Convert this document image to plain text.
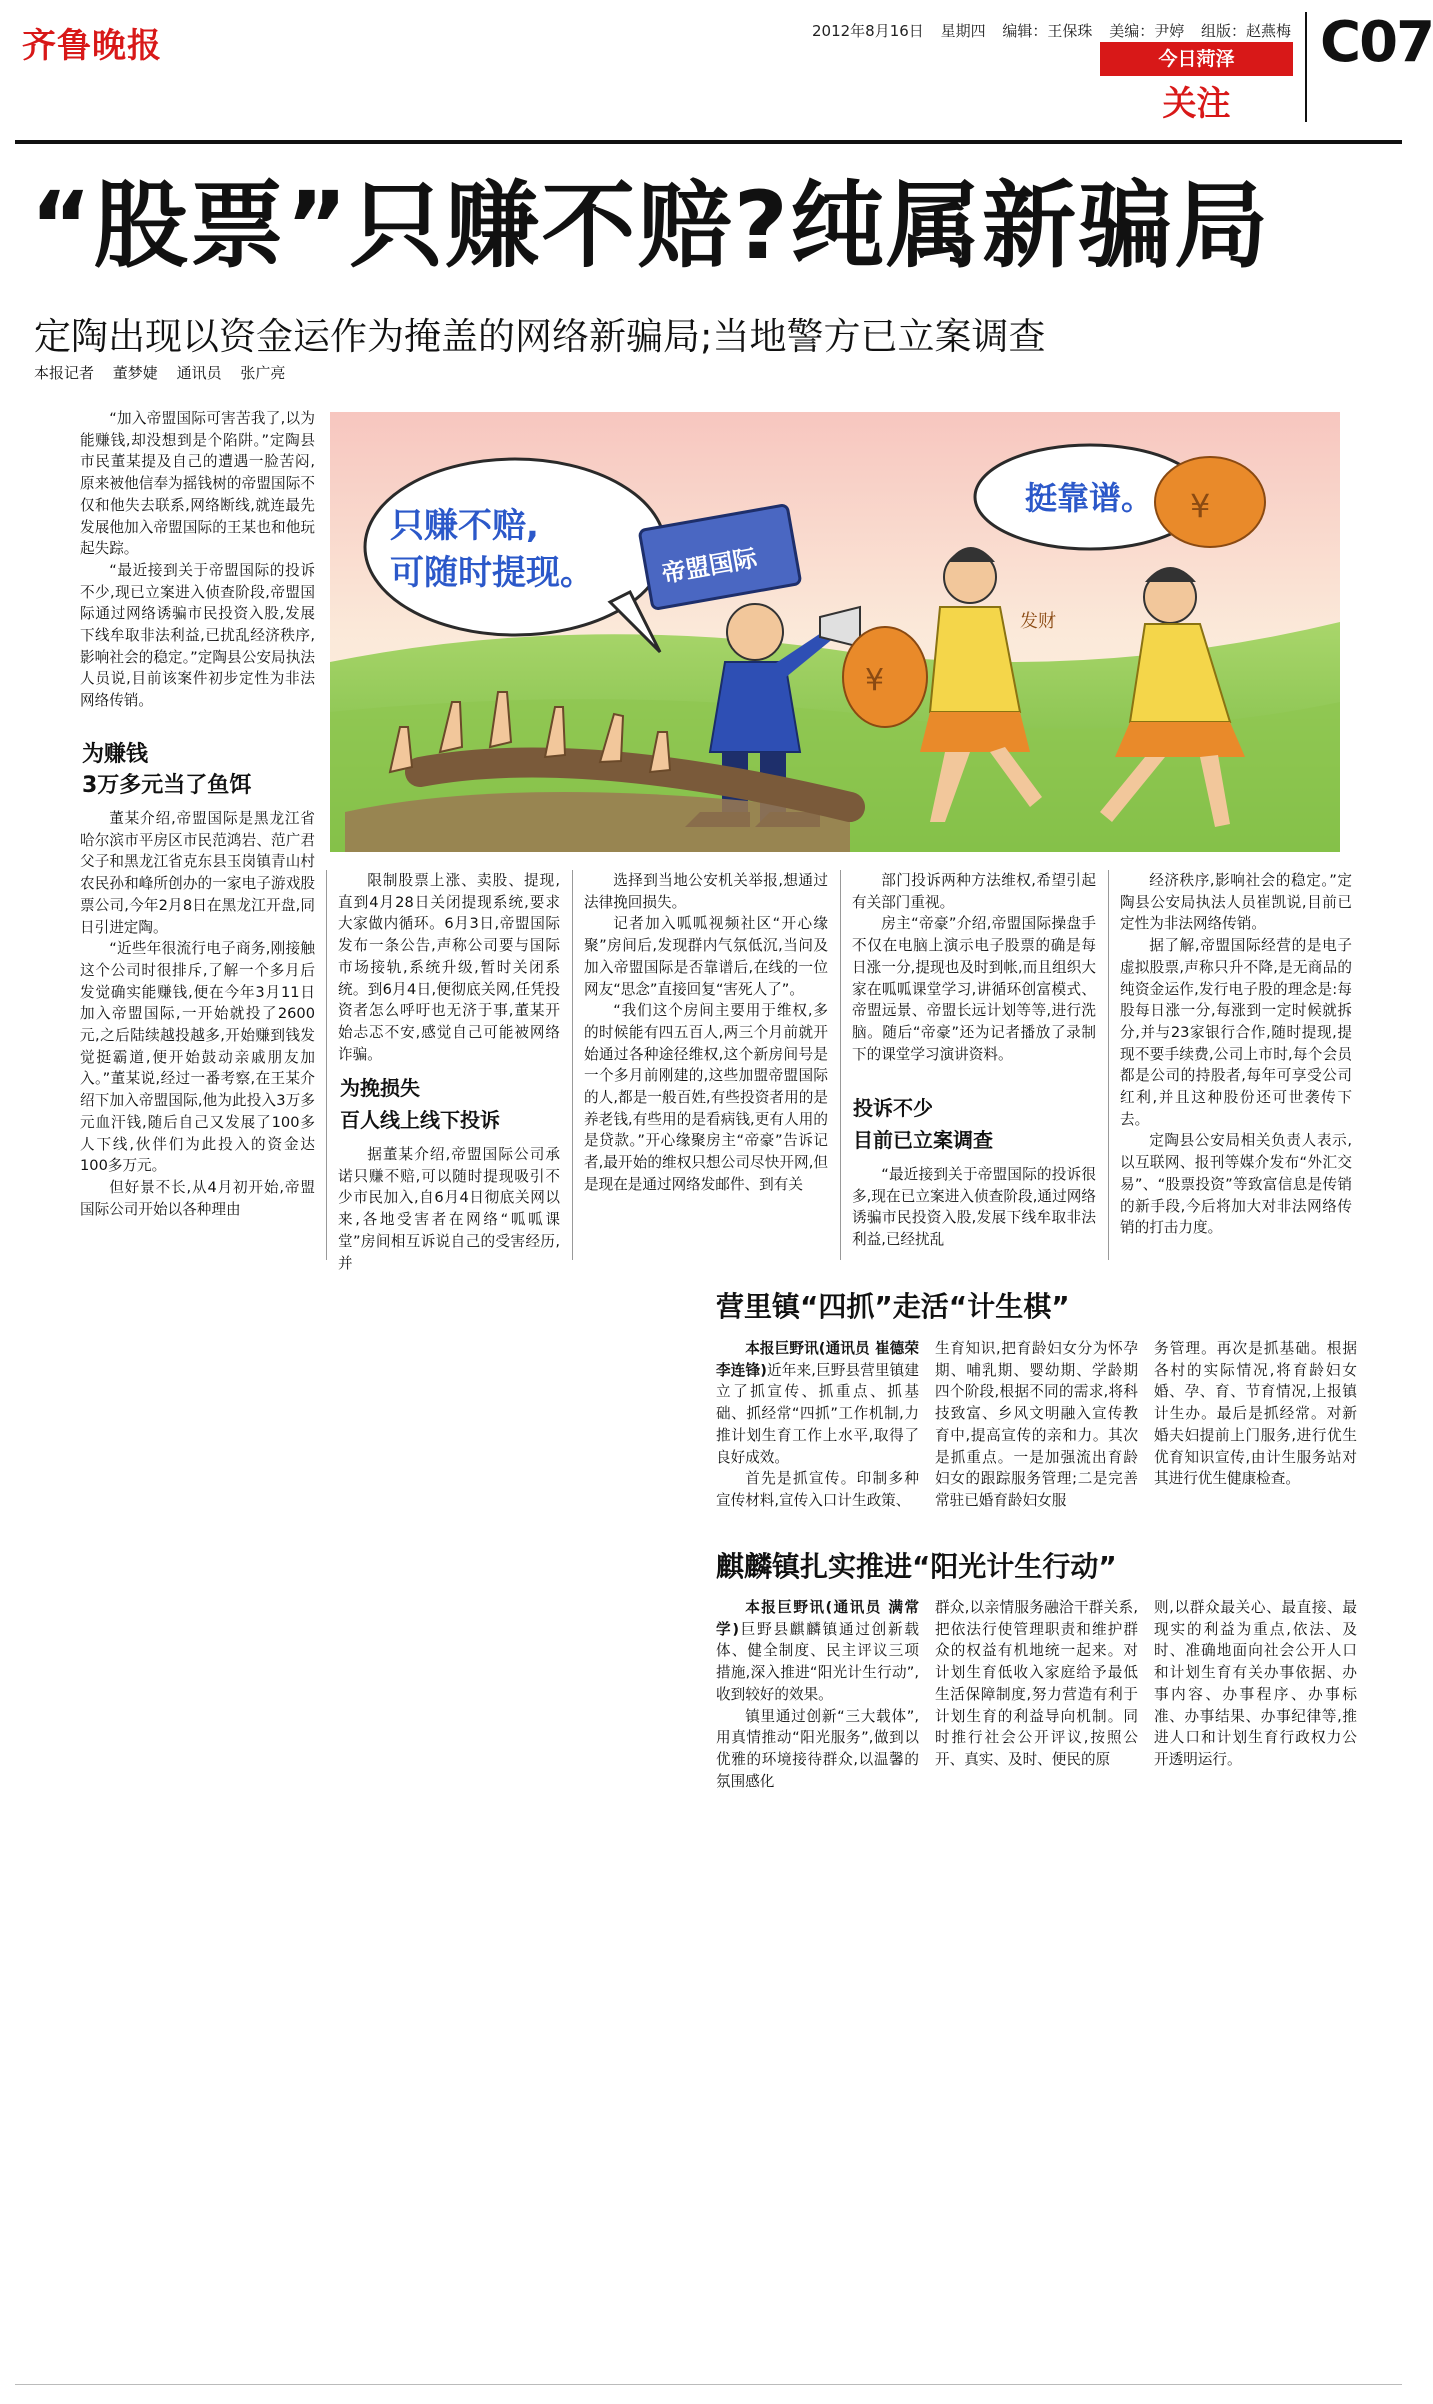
齐鲁晚报	2012年8月16日 星期四 编辑：王保珠 美编：尹婷 组版：赵燕梅
今日菏泽
关注
C07
“股票”只赚不赔?纯属新骗局
定陶出现以资金运作为掩盖的网络新骗局;当地警方已立案调查
本报记者 董梦婕 通讯员 张广亮

“加入帝盟国际可害苦我了,以为能赚钱,却没想到是个陷阱。”定陶县市民董某提及自己的遭遇一脸苦闷,原来被他信奉为摇钱树的帝盟国际不仅和他失去联系,网络断线,就连最先发展他加入帝盟国际的王某也和他玩起失踪。

“最近接到关于帝盟国际的投诉不少,现已立案进入侦查阶段,帝盟国际通过网络诱骗市民投资入股,发展下线牟取非法利益,已扰乱经济秩序,影响社会的稳定。”定陶县公安局执法人员说,目前该案件初步定性为非法网络传销。

只赚不赔,
可随时提现。
挺靠谱。
帝盟国际
¥
¥
发财
为赚钱
3万多元当了鱼饵

董某介绍,帝盟国际是黑龙江省哈尔滨市平房区市民范鸿岩、范广君父子和黑龙江省克东县玉岗镇青山村农民孙和峰所创办的一家电子游戏股票公司,今年2月8日在黑龙江开盘,同日引进定陶。

“近些年很流行电子商务,刚接触这个公司时很排斥,了解一个多月后发觉确实能赚钱,便在今年3月11日加入帝盟国际,一开始就投了2600元,之后陆续越投越多,开始赚到钱发觉挺霸道,便开始鼓动亲戚朋友加入。”董某说,经过一番考察,在王某介绍下加入帝盟国际,他为此投入3万多元血汗钱,随后自己又发展了100多人下线,伙伴们为此投入的资金达100多万元。

但好景不长,从4月初开始,帝盟国际公司开始以各种理由

限制股票上涨、卖股、提现,直到4月28日关闭提现系统,要求大家做内循环。6月3日,帝盟国际发布一条公告,声称公司要与国际市场接轨,系统升级,暂时关闭系统。到6月4日,便彻底关网,任凭投资者怎么呼吁也无济于事,董某开始忐忑不安,感觉自己可能被网络诈骗。

为挽损失
百人线上线下投诉

据董某介绍,帝盟国际公司承诺只赚不赔,可以随时提现吸引不少市民加入,自6月4日彻底关网以来,各地受害者在网络“呱呱课堂”房间相互诉说自己的受害经历,并

选择到当地公安机关举报,想通过法律挽回损失。

记者加入呱呱视频社区“开心缘聚”房间后,发现群内气氛低沉,当问及加入帝盟国际是否靠谱后,在线的一位网友“思念”直接回复“害死人了”。

“我们这个房间主要用于维权,多的时候能有四五百人,两三个月前就开始通过各种途径维权,这个新房间号是一个多月前刚建的,这些加盟帝盟国际的人,都是一般百姓,有些投资者用的是养老钱,有些用的是看病钱,更有人用的是贷款。”开心缘聚房主“帝豪”告诉记者,最开始的维权只想公司尽快开网,但是现在是通过网络发邮件、到有关

部门投诉两种方法维权,希望引起有关部门重视。

房主“帝豪”介绍,帝盟国际操盘手不仅在电脑上演示电子股票的确是每日涨一分,提现也及时到帐,而且组织大家在呱呱课堂学习,讲循环创富模式、帝盟远景、帝盟长远计划等等,进行洗脑。随后“帝豪”还为记者播放了录制下的课堂学习演讲资料。

投诉不少
目前已立案调查

“最近接到关于帝盟国际的投诉很多,现在已立案进入侦查阶段,通过网络诱骗市民投资入股,发展下线牟取非法利益,已经扰乱

经济秩序,影响社会的稳定。”定陶县公安局执法人员崔凯说,目前已定性为非法网络传销。

据了解,帝盟国际经营的是电子虚拟股票,声称只升不降,是无商品的纯资金运作,发行电子股的理念是:每股每日涨一分,每涨到一定时候就拆分,并与23家银行合作,随时提现,提现不要手续费,公司上市时,每个会员都是公司的持股者,每年可享受公司红利,并且这种股份还可世袭传下去。

定陶县公安局相关负责人表示,以互联网、报刊等媒介发布“外汇交易”、“股票投资”等致富信息是传销的新手段,今后将加大对非法网络传销的打击力度。

营里镇“四抓”走活“计生棋”

本报巨野讯(通讯员 崔德荣 李连锋)近年来,巨野县营里镇建立了抓宣传、抓重点、抓基础、抓经常“四抓”工作机制,力推计划生育工作上水平,取得了良好成效。

首先是抓宣传。印制多种宣传材料,宣传入口计生政策、

生育知识,把育龄妇女分为怀孕期、哺乳期、婴幼期、学龄期四个阶段,根据不同的需求,将科技致富、乡风文明融入宣传教育中,提高宣传的亲和力。其次是抓重点。一是加强流出育龄妇女的跟踪服务管理;二是完善常驻已婚育龄妇女服

务管理。再次是抓基础。根据各村的实际情况,将育龄妇女婚、孕、育、节育情况,上报镇计生办。最后是抓经常。对新婚夫妇提前上门服务,进行优生优育知识宣传,由计生服务站对其进行优生健康检查。

麒麟镇扎实推进“阳光计生行动”

本报巨野讯(通讯员 满常学)巨野县麒麟镇通过创新载体、健全制度、民主评议三项措施,深入推进“阳光计生行动”,收到较好的效果。

镇里通过创新“三大载体”,用真情推动“阳光服务”,做到以优雅的环境接待群众,以温馨的氛围感化

群众,以亲情服务融洽干群关系,把依法行使管理职责和维护群众的权益有机地统一起来。对计划生育低收入家庭给予最低生活保障制度,努力营造有利于计划生育的利益导向机制。同时推行社会公开评议,按照公开、真实、及时、便民的原

则,以群众最关心、最直接、最现实的利益为重点,依法、及时、准确地面向社会公开人口和计划生育有关办事依据、办事内容、办事程序、办事标准、办事结果、办事纪律等,推进人口和计划生育行政权力公开透明运行。
